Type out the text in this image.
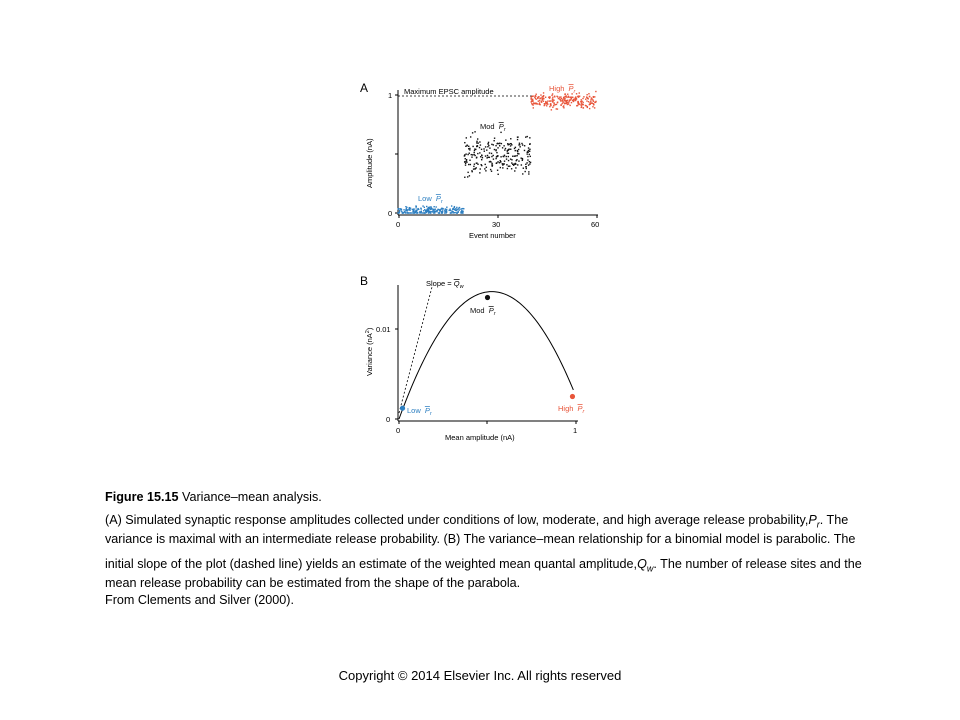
A
0
1
0	30	60
Event number
Amplitude (nA)
Maximum EPSC amplitude
Low $P_r$
Mod $P_r$
High $P_r$
B
0
0.01
0	1
Mean amplitude (nA)
Variance $(nA^2)$
Slope = $Q_w$
Low $P_r$
Mod $P_r$
High $P_r$

Figure 15.15 Variance–mean analysis.

(A) Simulated synaptic response amplitudes collected under conditions of low, moderate, and high average release $probability,P_r$. The

variance is maximal with an intermediate release probability. (B) The variance–mean relationship for a binomial model is parabolic. The

initial slope of the plot (dashed line) yields an estimate of the weighted mean quantal $amplitude,Q_w$. The number of release sites and the

mean release probability can be estimated from the shape of the parabola.

From Clements and Silver (2000).

Copyright © 2014 Elsevier Inc. All rights reserved
